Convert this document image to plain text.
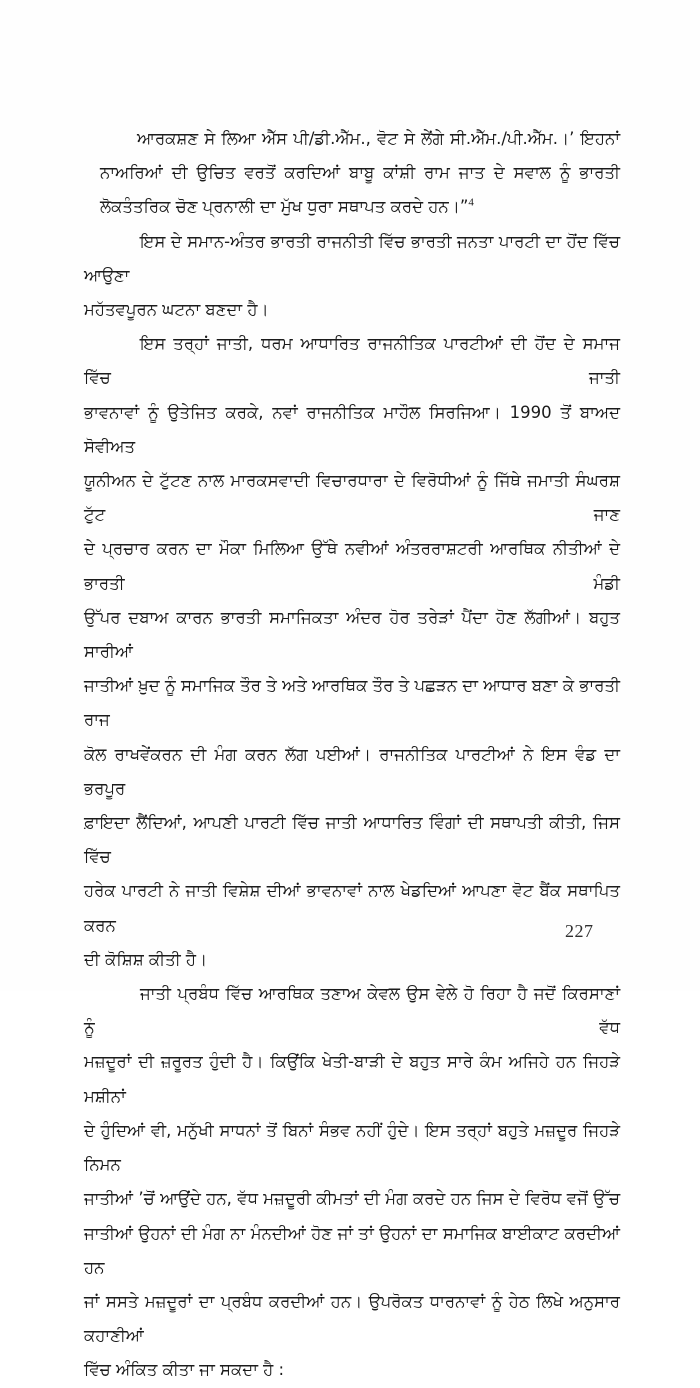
ਆਰਕਸ਼ਣ ਸੇ ਲਿਆ ਐੱਸ ਪੀ/ਡੀ.ਐੱਮ., ਵੋਟ ਸੇ ਲੇਂਗੇ ਸੀ.ਐੱਮ./ਪੀ.ਐੱਮ.।’ ਇਹਨਾਂ
ਨਾਅਰਿਆਂ ਦੀ ਉਚਿਤ ਵਰਤੋਂ ਕਰਦਿਆਂ ਬਾਬੂ ਕਾਂਸ਼ੀ ਰਾਮ ਜਾਤ ਦੇ ਸਵਾਲ ਨੂੰ ਭਾਰਤੀ
ਲੋਕਤੰਤਰਿਕ ਚੋਣ ਪ੍ਰਨਾਲੀ ਦਾ ਮੁੱਖ ਧੁਰਾ ਸਥਾਪਤ ਕਰਦੇ ਹਨ।”$^4$
ਇਸ ਦੇ ਸਮਾਨ-ਅੰਤਰ ਭਾਰਤੀ ਰਾਜਨੀਤੀ ਵਿੱਚ ਭਾਰਤੀ ਜਨਤਾ ਪਾਰਟੀ ਦਾ ਹੋਂਦ ਵਿੱਚ ਆਉਣਾ
ਮਹੱਤਵਪੂਰਨ ਘਟਨਾ ਬਣਦਾ ਹੈ।
ਇਸ ਤਰ੍ਹਾਂ ਜਾਤੀ, ਧਰਮ ਆਧਾਰਿਤ ਰਾਜਨੀਤਿਕ ਪਾਰਟੀਆਂ ਦੀ ਹੋਂਦ ਦੇ ਸਮਾਜ ਵਿੱਚ ਜਾਤੀ
ਭਾਵਨਾਵਾਂ ਨੂੰ ਉਤੇਜਿਤ ਕਰਕੇ, ਨਵਾਂ ਰਾਜਨੀਤਿਕ ਮਾਹੌਲ ਸਿਰਜਿਆ। 1990 ਤੋਂ ਬਾਅਦ ਸੋਵੀਅਤ
ਯੂਨੀਅਨ ਦੇ ਟੁੱਟਣ ਨਾਲ ਮਾਰਕਸਵਾਦੀ ਵਿਚਾਰਧਾਰਾ ਦੇ ਵਿਰੋਧੀਆਂ ਨੂੰ ਜਿੱਥੇ ਜਮਾਤੀ ਸੰਘਰਸ਼ ਟੁੱਟ ਜਾਣ
ਦੇ ਪ੍ਰਚਾਰ ਕਰਨ ਦਾ ਮੌਕਾ ਮਿਲਿਆ ਉੱਥੇ ਨਵੀਆਂ ਅੰਤਰਰਾਸ਼ਟਰੀ ਆਰਥਿਕ ਨੀਤੀਆਂ ਦੇ ਭਾਰਤੀ ਮੰਡੀ
ਉੱਪਰ ਦਬਾਅ ਕਾਰਨ ਭਾਰਤੀ ਸਮਾਜਿਕਤਾ ਅੰਦਰ ਹੋਰ ਤਰੇੜਾਂ ਪੈਂਦਾ ਹੋਣ ਲੱਗੀਆਂ। ਬਹੁਤ ਸਾਰੀਆਂ
ਜਾਤੀਆਂ ਖ਼ੁਦ ਨੂੰ ਸਮਾਜਿਕ ਤੌਰ ਤੇ ਅਤੇ ਆਰਥਿਕ ਤੌਰ ਤੇ ਪਛੜਨ ਦਾ ਆਧਾਰ ਬਣਾ ਕੇ ਭਾਰਤੀ ਰਾਜ
ਕੋਲ ਰਾਖਵੇਂਕਰਨ ਦੀ ਮੰਗ ਕਰਨ ਲੱਗ ਪਈਆਂ। ਰਾਜਨੀਤਿਕ ਪਾਰਟੀਆਂ ਨੇ ਇਸ ਵੰਡ ਦਾ ਭਰਪੂਰ
ਫ਼ਾਇਦਾ ਲੈਂਦਿਆਂ, ਆਪਣੀ ਪਾਰਟੀ ਵਿੱਚ ਜਾਤੀ ਆਧਾਰਿਤ ਵਿੰਗਾਂ ਦੀ ਸਥਾਪਤੀ ਕੀਤੀ, ਜਿਸ ਵਿੱਚ
ਹਰੇਕ ਪਾਰਟੀ ਨੇ ਜਾਤੀ ਵਿਸ਼ੇਸ਼ ਦੀਆਂ ਭਾਵਨਾਵਾਂ ਨਾਲ ਖੇਡਦਿਆਂ ਆਪਣਾ ਵੋਟ ਬੈਂਕ ਸਥਾਪਿਤ ਕਰਨ
ਦੀ ਕੋਸ਼ਿਸ਼ ਕੀਤੀ ਹੈ।
ਜਾਤੀ ਪ੍ਰਬੰਧ ਵਿੱਚ ਆਰਥਿਕ ਤਣਾਅ ਕੇਵਲ ਉਸ ਵੇਲੇ ਹੋ ਰਿਹਾ ਹੈ ਜਦੋਂ ਕਿਰਸਾਣਾਂ ਨੂੰ ਵੱਧ
ਮਜ਼ਦੂਰਾਂ ਦੀ ਜ਼ਰੂਰਤ ਹੁੰਦੀ ਹੈ। ਕਿਉਂਕਿ ਖੇਤੀ-ਬਾੜੀ ਦੇ ਬਹੁਤ ਸਾਰੇ ਕੰਮ ਅਜਿਹੇ ਹਨ ਜਿਹੜੇ ਮਸ਼ੀਨਾਂ
ਦੇ ਹੁੰਦਿਆਂ ਵੀ, ਮਨੁੱਖੀ ਸਾਧਨਾਂ ਤੋਂ ਬਿਨਾਂ ਸੰਭਵ ਨਹੀਂ ਹੁੰਦੇ। ਇਸ ਤਰ੍ਹਾਂ ਬਹੁਤੇ ਮਜ਼ਦੂਰ ਜਿਹੜੇ ਨਿਮਨ
ਜਾਤੀਆਂ ’ਚੋਂ ਆਉਂਦੇ ਹਨ, ਵੱਧ ਮਜ਼ਦੂਰੀ ਕੀਮਤਾਂ ਦੀ ਮੰਗ ਕਰਦੇ ਹਨ ਜਿਸ ਦੇ ਵਿਰੋਧ ਵਜੋਂ ਉੱਚ
ਜਾਤੀਆਂ ਉਹਨਾਂ ਦੀ ਮੰਗ ਨਾ ਮੰਨਦੀਆਂ ਹੋਣ ਜਾਂ ਤਾਂ ਉਹਨਾਂ ਦਾ ਸਮਾਜਿਕ ਬਾਈਕਾਟ ਕਰਦੀਆਂ ਹਨ
ਜਾਂ ਸਸਤੇ ਮਜ਼ਦੂਰਾਂ ਦਾ ਪ੍ਰਬੰਧ ਕਰਦੀਆਂ ਹਨ। ਉਪਰੋਕਤ ਧਾਰਨਾਵਾਂ ਨੂੰ ਹੇਠ ਲਿਖੇ ਅਨੁਸਾਰ ਕਹਾਣੀਆਂ
ਵਿੱਚ ਅੰਕਿਤ ਕੀਤਾ ਜਾ ਸਕਦਾ ਹੈ :
227
